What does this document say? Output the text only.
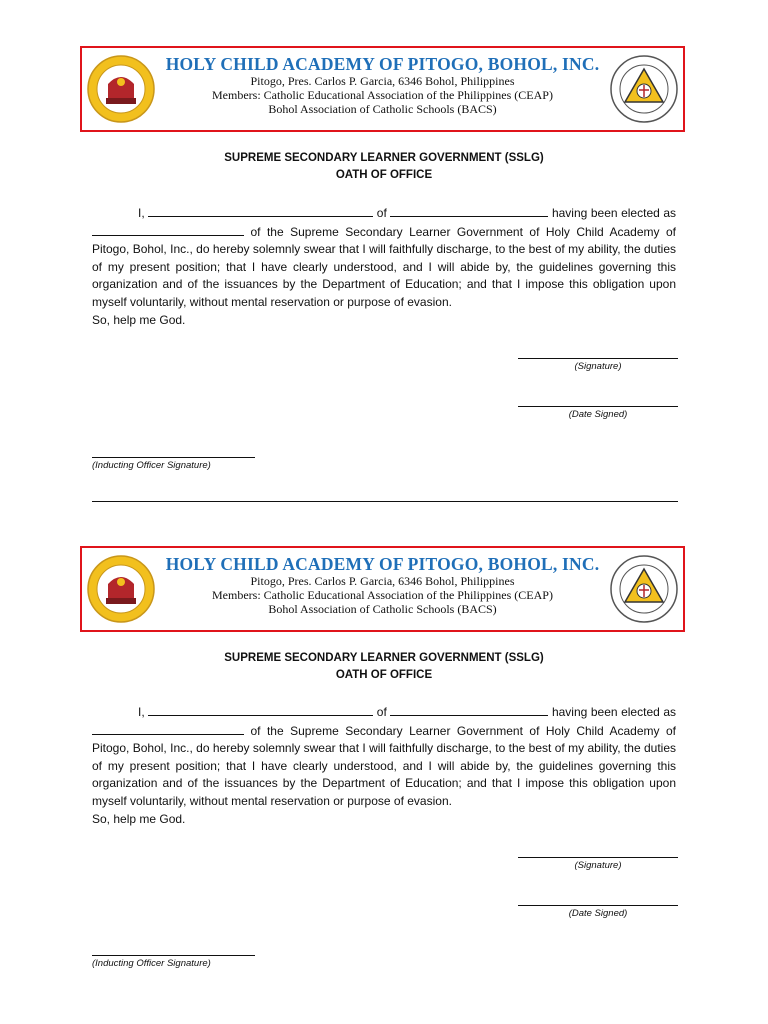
HOLY CHILD ACADEMY OF PITOGO, BOHOL, INC.
Pitogo, Pres. Carlos P. Garcia, 6346 Bohol, Philippines
Members: Catholic Educational Association of the Philippines (CEAP)
Bohol Association of Catholic Schools (BACS)
SUPREME SECONDARY LEARNER GOVERNMENT (SSLG)
OATH OF OFFICE

I,	of	having been elected as  of the Supreme Secondary Learner Government of Holy Child Academy of Pitogo, Bohol, Inc., do hereby solemnly swear that I will faithfully discharge, to the best of my ability, the duties of my present position; that I have clearly understood, and I will abide by, the guidelines governing this organization and of the issuances by the Department of Education; and that I impose this obligation upon myself voluntarily, without mental reservation or purpose of evasion.

So, help me God.

(Signature)
(Date Signed)
(Inducting Officer Signature)
HOLY CHILD ACADEMY OF PITOGO, BOHOL, INC.
Pitogo, Pres. Carlos P. Garcia, 6346 Bohol, Philippines
Members: Catholic Educational Association of the Philippines (CEAP)
Bohol Association of Catholic Schools (BACS)
SUPREME SECONDARY LEARNER GOVERNMENT (SSLG)
OATH OF OFFICE

I,	of	having been elected as  of the Supreme Secondary Learner Government of Holy Child Academy of Pitogo, Bohol, Inc., do hereby solemnly swear that I will faithfully discharge, to the best of my ability, the duties of my present position; that I have clearly understood, and I will abide by, the guidelines governing this organization and of the issuances by the Department of Education; and that I impose this obligation upon myself voluntarily, without mental reservation or purpose of evasion.

So, help me God.

(Signature)
(Date Signed)
(Inducting Officer Signature)
